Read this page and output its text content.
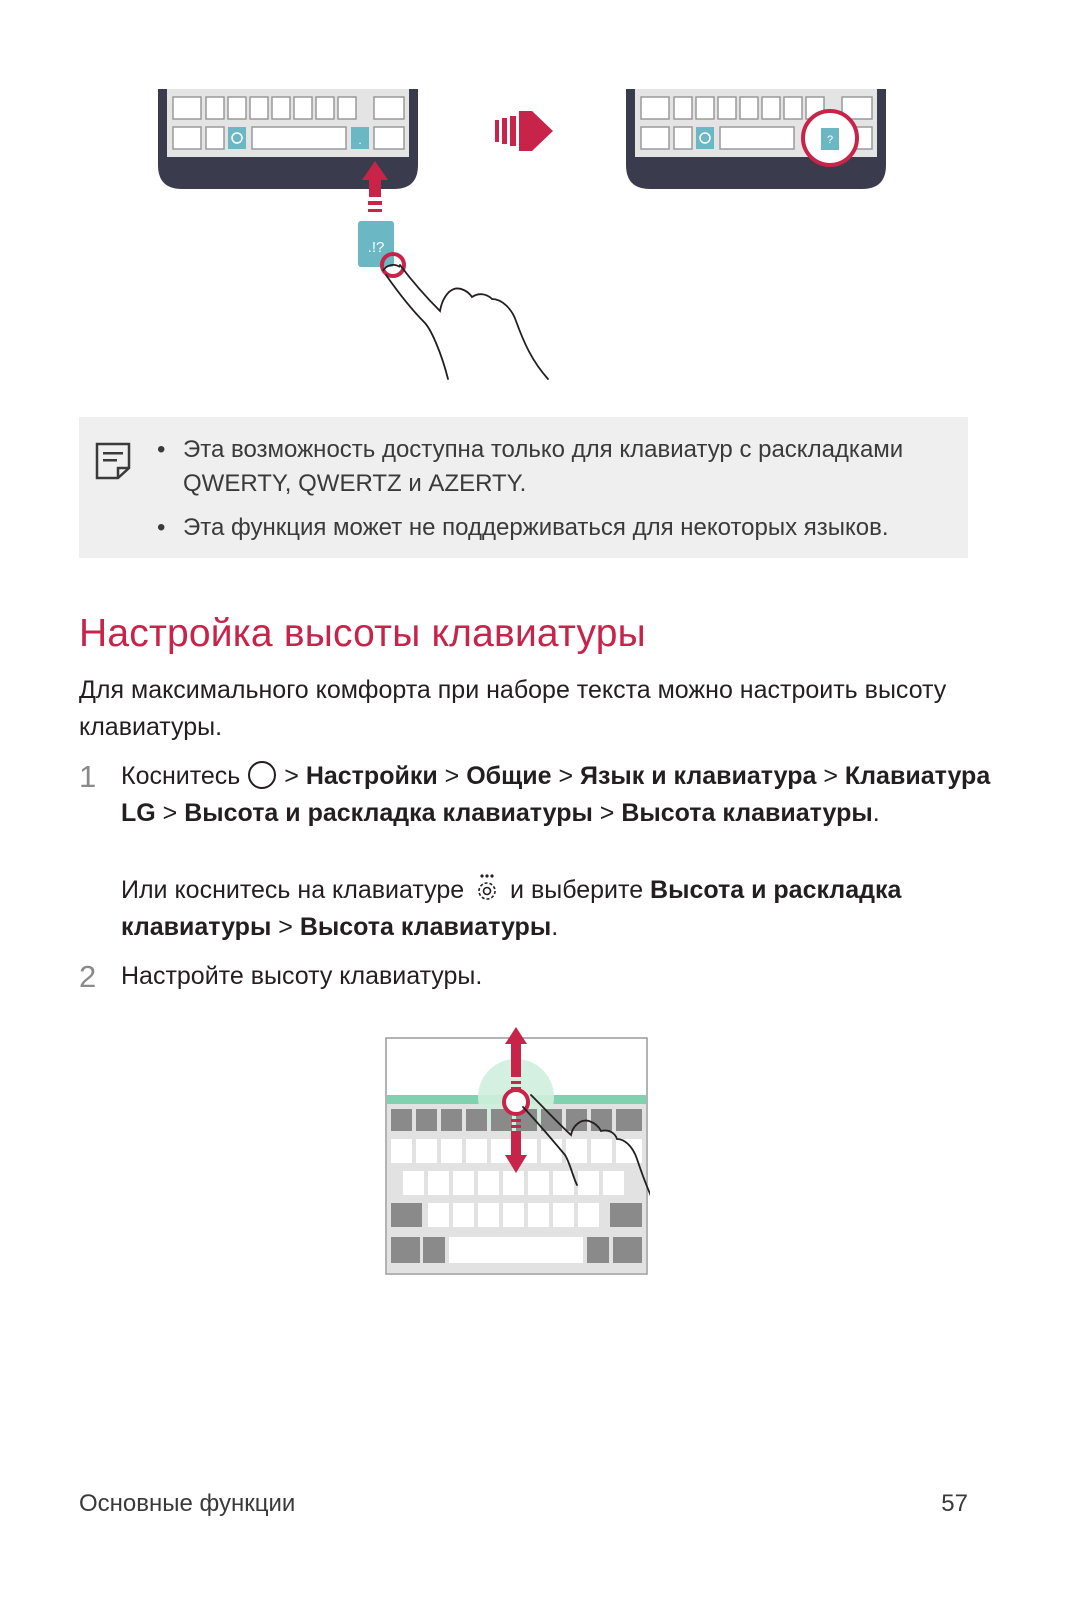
.
.!?
?
• Эта возможность доступна только для клавиатур с раскладками QWERTY, QWERTZ и AZERTY.
• Эта функция может не поддерживаться для некоторых языков.
Настройка высоты клавиатуры

Для максимального комфорта при наборе текста можно настроить высоту клавиатуры.

1 Коснитесь > Настройки > Общие > Язык и клавиатура > Клавиатура LG > Высота и раскладка клавиатуры > Высота клавиатуры.

Или коснитесь на клавиатуре и выберите Высота и раскладка клавиатуры > Высота клавиатуры.

2 Настройте высоту клавиатуры.

Основные функции	57
